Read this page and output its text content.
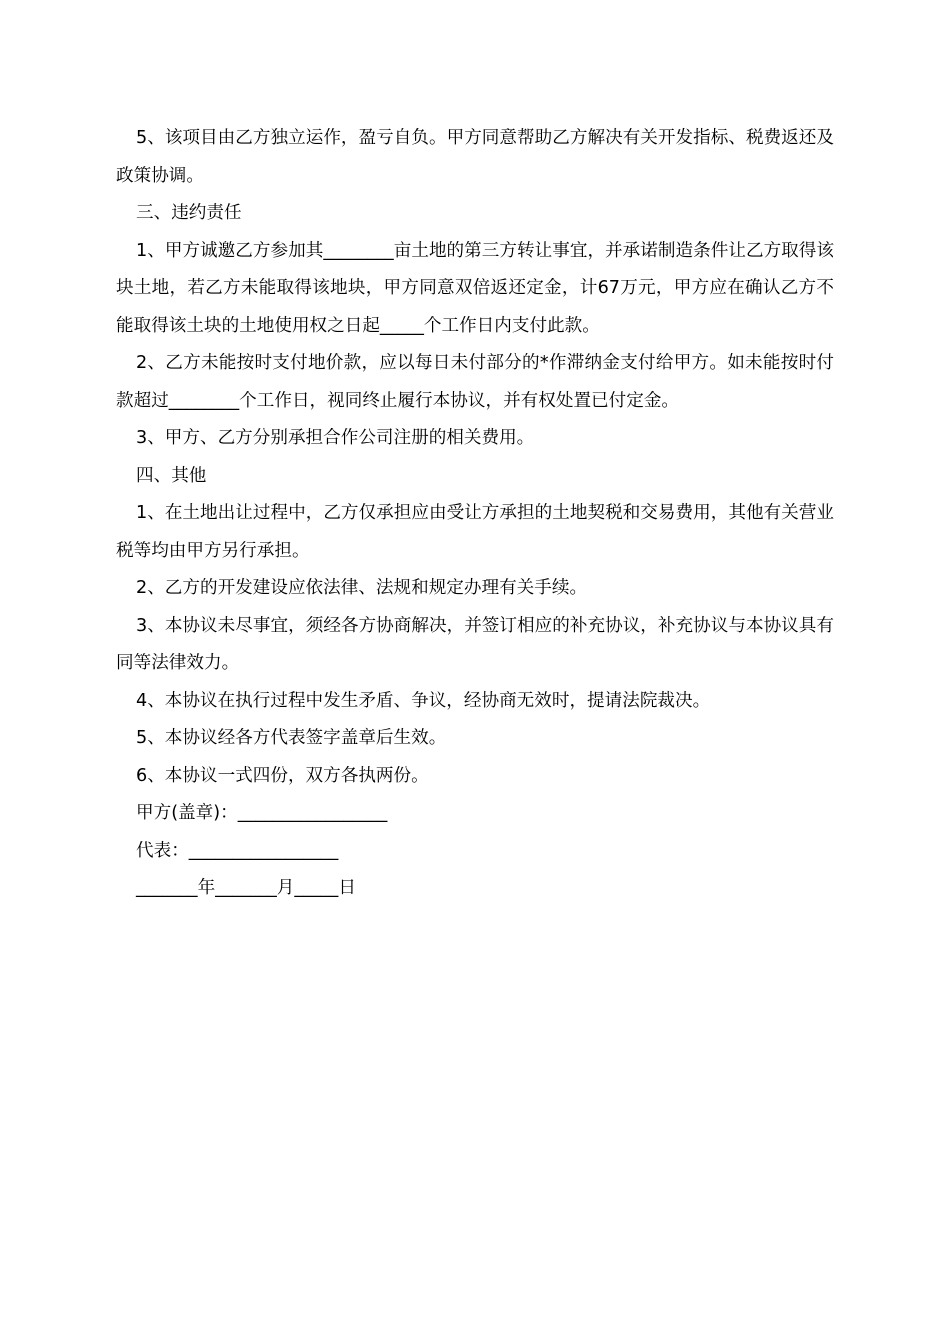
5、该项目由乙方独立运作，盈亏自负。甲方同意帮助乙方解决有关开发指标、税费返还及政策协调。

三、违约责任

1、甲方诚邀乙方参加其________亩土地的第三方转让事宜，并承诺制造条件让乙方取得该块土地，若乙方未能取得该地块，甲方同意双倍返还定金，计67万元，甲方应在确认乙方不能取得该土块的土地使用权之日起_____个工作日内支付此款。

2、乙方未能按时支付地价款，应以每日未付部分的*作滞纳金支付给甲方。如未能按时付款超过________个工作日，视同终止履行本协议，并有权处置已付定金。

3、甲方、乙方分别承担合作公司注册的相关费用。

四、其他

1、在土地出让过程中，乙方仅承担应由受让方承担的土地契税和交易费用，其他有关营业税等均由甲方另行承担。

2、乙方的开发建设应依法律、法规和规定办理有关手续。

3、本协议未尽事宜，须经各方协商解决，并签订相应的补充协议，补充协议与本协议具有同等法律效力。

4、本协议在执行过程中发生矛盾、争议，经协商无效时，提请法院裁决。

5、本协议经各方代表签字盖章后生效。

6、本协议一式四份，双方各执两份。

甲方(盖章)：_________________

代表：_________________

_______年_______月_____日
